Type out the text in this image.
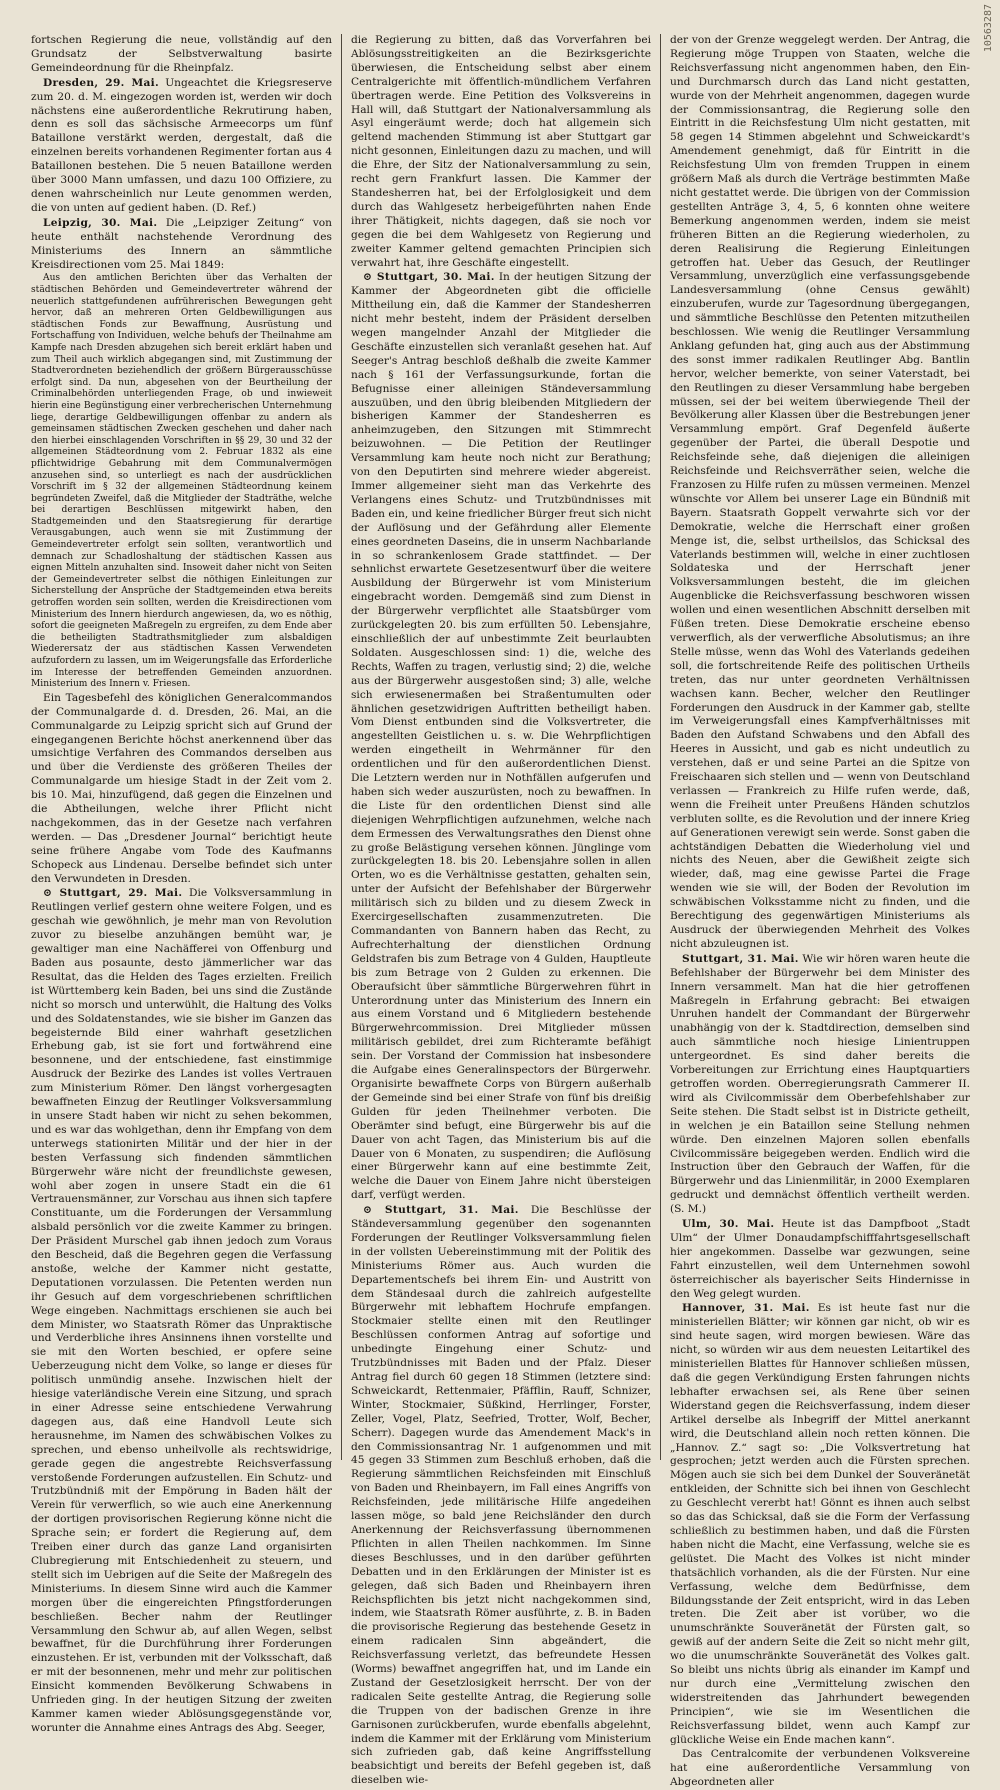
10563287

fortschen Regierung die neue, vollständig auf den Grundsatz der Selbstverwaltung basirte Gemeindeordnung für die Rheinpfalz.

Dresden, 29. Mai. Ungeachtet die Kriegsreserve zum 20. d. M. eingezogen worden ist, werden wir doch nächstens eine außerordentliche Rekrutirung haben, denn es soll das sächsische Armeecorps um fünf Bataillone verstärkt werden, dergestalt, daß die einzelnen bereits vorhandenen Regimenter fortan aus 4 Bataillonen bestehen. Die 5 neuen Bataillone werden über 3000 Mann umfassen, und dazu 100 Offiziere, zu denen wahrscheinlich nur Leute genommen werden, die von unten auf gedient haben. (D. Ref.)

Leipzig, 30. Mai. Die „Leipziger Zeitung“ von heute enthält nachstehende Verordnung des Ministeriums des Innern an sämmtliche Kreisdirectionen vom 25. Mai 1849:

Aus den amtlichen Berichten über das Verhalten der städtischen Behörden und Gemeindevertreter während der neuerlich stattgefundenen aufrührerischen Bewegungen geht hervor, daß an mehreren Orten Geldbewilligungen aus städtischen Fonds zur Bewaffnung, Ausrüstung und Fortschaffung von Individuen, welche behufs der Theilnahme am Kampfe nach Dresden abzugehen sich bereit erklärt haben und zum Theil auch wirklich abgegangen sind, mit Zustimmung der Stadtverordneten beziehendlich der größern Bürgerausschüsse erfolgt sind. Da nun, abgesehen von der Beurtheilung der Criminalbehörden unterliegenden Frage, ob und inwieweit hierin eine Begünstigung einer verbrecherischen Unternehmung liege, derartige Geldbewilligungen offenbar zu andern als gemeinsamen städtischen Zwecken geschehen und daher nach den hierbei einschlagenden Vorschriften in §§ 29, 30 und 32 der allgemeinen Städteordnung vom 2. Februar 1832 als eine pflichtwidrige Gebahrung mit dem Communalvermögen anzusehen sind, so unterliegt es nach der ausdrücklichen Vorschrift im § 32 der allgemeinen Städteordnung keinem begründeten Zweifel, daß die Mitglieder der Stadträthe, welche bei derartigen Beschlüssen mitgewirkt haben, den Stadtgemeinden und den Staatsregierung für derartige Verausgabungen, auch wenn sie mit Zustimmung der Gemeindevertreter erfolgt sein sollten, verantwortlich und demnach zur Schadloshaltung der städtischen Kassen aus eignen Mitteln anzuhalten sind. Insoweit daher nicht von Seiten der Gemeindevertreter selbst die nöthigen Einleitungen zur Sicherstellung der Ansprüche der Stadtgemeinden etwa bereits getroffen worden sein sollten, werden die Kreisdirectionen vom Ministerium des Innern hierdurch angewiesen, da, wo es nöthig, sofort die geeigneten Maßregeln zu ergreifen, zu dem Ende aber die betheiligten Stadtrathsmitglieder zum alsbaldigen Wiederersatz der aus städtischen Kassen Verwendeten aufzufordern zu lassen, um im Weigerungsfalle das Erforderliche im Interesse der betreffenden Gemeinden anzuordnen. Ministerium des Innern v. Friesen.

Ein Tagesbefehl des königlichen Generalcommandos der Communalgarde d. d. Dresden, 26. Mai, an die Communalgarde zu Leipzig spricht sich auf Grund der eingegangenen Berichte höchst anerkennend über das umsichtige Verfahren des Commandos derselben aus und über die Verdienste des größeren Theiles der Communalgarde um hiesige Stadt in der Zeit vom 2. bis 10. Mai, hinzufügend, daß gegen die Einzelnen und die Abtheilungen, welche ihrer Pflicht nicht nachgekommen, das in der Gesetze nach verfahren werden. — Das „Dresdener Journal“ berichtigt heute seine frühere Angabe vom Tode des Kaufmanns Schopeck aus Lindenau. Derselbe befindet sich unter den Verwundeten in Dresden.

⊙ Stuttgart, 29. Mai. Die Volksversammlung in Reutlingen verlief gestern ohne weitere Folgen, und es geschah wie gewöhnlich, je mehr man von Revolution zuvor zu bieselbe anzuhängen bemüht war, je gewaltiger man eine Nachäfferei von Offenburg und Baden aus posaunte, desto jämmerlicher war das Resultat, das die Helden des Tages erzielten. Freilich ist Württemberg kein Baden, bei uns sind die Zustände nicht so morsch und unterwühlt, die Haltung des Volks und des Soldatenstandes, wie sie bisher im Ganzen das begeisternde Bild einer wahrhaft gesetzlichen Erhebung gab, ist sie fort und fortwährend eine besonnene, und der entschiedene, fast einstimmige Ausdruck der Bezirke des Landes ist volles Vertrauen zum Ministerium Römer. Den längst vorhergesagten bewaffneten Einzug der Reutlinger Volksversammlung in unsere Stadt haben wir nicht zu sehen bekommen, und es war das wohlgethan, denn ihr Empfang von dem unterwegs stationirten Militär und der hier in der besten Verfassung sich findenden sämmtlichen Bürgerwehr wäre nicht der freundlichste gewesen, wohl aber zogen in unsere Stadt ein die 61 Vertrauensmänner, zur Vorschau aus ihnen sich tapfere Constituante, um die Forderungen der Versammlung alsbald persönlich vor die zweite Kammer zu bringen. Der Präsident Murschel gab ihnen jedoch zum Voraus den Bescheid, daß die Begehren gegen die Verfassung anstoße, welche der Kammer nicht gestatte, Deputationen vorzulassen. Die Petenten werden nun ihr Gesuch auf dem vorgeschriebenen schriftlichen Wege eingeben. Nachmittags erschienen sie auch bei dem Minister, wo Staatsrath Römer das Unpraktische und Verderbliche ihres Ansinnens ihnen vorstellte und sie mit den Worten beschied, er opfere seine Ueberzeugung nicht dem Volke, so lange er dieses für politisch unmündig ansehe. Inzwischen hielt der hiesige vaterländische Verein eine Sitzung, und sprach in einer Adresse seine entschiedene Verwahrung dagegen aus, daß eine Handvoll Leute sich herausnehme, im Namen des schwäbischen Volkes zu sprechen, und ebenso unheilvolle als rechtswidrige, gerade gegen die angestrebte Reichsverfassung verstoßende Forderungen aufzustellen. Ein Schutz- und Trutzbündniß mit der Empörung in Baden hält der Verein für verwerflich, so wie auch eine Anerkennung der dortigen provisorischen Regierung könne nicht die Sprache sein; er fordert die Regierung auf, dem Treiben einer durch das ganze Land organisirten Clubregierung mit Entschiedenheit zu steuern, und stellt sich im Uebrigen auf die Seite der Maßregeln des Ministeriums. In diesem Sinne wird auch die Kammer morgen über die eingereichten Pfingstforderungen beschließen. Becher nahm der Reutlinger Versammlung den Schwur ab, auf allen Wegen, selbst bewaffnet, für die Durchführung ihrer Forderungen einzustehen. Er ist, verbunden mit der Volksschaft, daß er mit der besonnenen, mehr und mehr zur politischen Einsicht kommenden Bevölkerung Schwabens in Unfrieden ging. In der heutigen Sitzung der zweiten Kammer kamen wieder Ablösungsgegenstände vor, worunter die Annahme eines Antrags des Abg. Seeger,

die Regierung zu bitten, daß das Vorverfahren bei Ablösungsstreitigkeiten an die Bezirksgerichte überwiesen, die Entscheidung selbst aber einem Centralgerichte mit öffentlich-mündlichem Verfahren übertragen werde. Eine Petition des Volksvereins in Hall will, daß Stuttgart der Nationalversammlung als Asyl eingeräumt werde; doch hat allgemein sich geltend machenden Stimmung ist aber Stuttgart gar nicht gesonnen, Einleitungen dazu zu machen, und will die Ehre, der Sitz der Nationalversammlung zu sein, recht gern Frankfurt lassen. Die Kammer der Standesherren hat, bei der Erfolglosigkeit und dem durch das Wahlgesetz herbeigeführten nahen Ende ihrer Thätigkeit, nichts dagegen, daß sie noch vor gegen die bei dem Wahlgesetz von Regierung und zweiter Kammer geltend gemachten Principien sich verwahrt hat, ihre Geschäfte eingestellt.

⊙ Stuttgart, 30. Mai. In der heutigen Sitzung der Kammer der Abgeordneten gibt die officielle Mittheilung ein, daß die Kammer der Standesherren nicht mehr besteht, indem der Präsident derselben wegen mangelnder Anzahl der Mitglieder die Geschäfte einzustellen sich veranlaßt gesehen hat. Auf Seeger's Antrag beschloß deßhalb die zweite Kammer nach § 161 der Verfassungsurkunde, fortan die Befugnisse einer alleinigen Ständeversammlung auszuüben, und den übrig bleibenden Mitgliedern der bisherigen Kammer der Standesherren es anheimzugeben, den Sitzungen mit Stimmrecht beizuwohnen. — Die Petition der Reutlinger Versammlung kam heute noch nicht zur Berathung; von den Deputirten sind mehrere wieder abgereist. Immer allgemeiner sieht man das Verkehrte des Verlangens eines Schutz- und Trutzbündnisses mit Baden ein, und keine friedlicher Bürger freut sich nicht der Auflösung und der Gefährdung aller Elemente eines geordneten Daseins, die in unserm Nachbarlande in so schrankenlosem Grade stattfindet. — Der sehnlichst erwartete Gesetzesentwurf über die weitere Ausbildung der Bürgerwehr ist vom Ministerium eingebracht worden. Demgemäß sind zum Dienst in der Bürgerwehr verpflichtet alle Staatsbürger vom zurückgelegten 20. bis zum erfüllten 50. Lebensjahre, einschließlich der auf unbestimmte Zeit beurlaubten Soldaten. Ausgeschlossen sind: 1) die, welche des Rechts, Waffen zu tragen, verlustig sind; 2) die, welche aus der Bürgerwehr ausgestoßen sind; 3) alle, welche sich erwiesenermaßen bei Straßentumulten oder ähnlichen gesetzwidrigen Auftritten betheiligt haben. Vom Dienst entbunden sind die Volksvertreter, die angestellten Geistlichen u. s. w. Die Wehrpflichtigen werden eingetheilt in Wehrmänner für den ordentlichen und für den außerordentlichen Dienst. Die Letztern werden nur in Nothfällen aufgerufen und haben sich weder auszurüsten, noch zu bewaffnen. In die Liste für den ordentlichen Dienst sind alle diejenigen Wehrpflichtigen aufzunehmen, welche nach dem Ermessen des Verwaltungsrathes den Dienst ohne zu große Belästigung versehen können. Jünglinge vom zurückgelegten 18. bis 20. Lebensjahre sollen in allen Orten, wo es die Verhältnisse gestatten, gehalten sein, unter der Aufsicht der Befehlshaber der Bürgerwehr militärisch sich zu bilden und zu diesem Zweck in Exercirgesellschaften zusammenzutreten. Die Commandanten von Bannern haben das Recht, zu Aufrechterhaltung der dienstlichen Ordnung Geldstrafen bis zum Betrage von 4 Gulden, Hauptleute bis zum Betrage von 2 Gulden zu erkennen. Die Oberaufsicht über sämmtliche Bürgerwehren führt in Unterordnung unter das Ministerium des Innern ein aus einem Vorstand und 6 Mitgliedern bestehende Bürgerwehrcommission. Drei Mitglieder müssen militärisch gebildet, drei zum Richteramte befähigt sein. Der Vorstand der Commission hat insbesondere die Aufgabe eines Generalinspectors der Bürgerwehr. Organisirte bewaffnete Corps von Bürgern außerhalb der Gemeinde sind bei einer Strafe von fünf bis dreißig Gulden für jeden Theilnehmer verboten. Die Oberämter sind befugt, eine Bürgerwehr bis auf die Dauer von acht Tagen, das Ministerium bis auf die Dauer von 6 Monaten, zu suspendiren; die Auflösung einer Bürgerwehr kann auf eine bestimmte Zeit, welche die Dauer von Einem Jahre nicht übersteigen darf, verfügt werden.

⊙ Stuttgart, 31. Mai. Die Beschlüsse der Ständeversammlung gegenüber den sogenannten Forderungen der Reutlinger Volksversammlung fielen in der vollsten Uebereinstimmung mit der Politik des Ministeriums Römer aus. Auch wurden die Departementschefs bei ihrem Ein- und Austritt von dem Ständesaal durch die zahlreich aufgestellte Bürgerwehr mit lebhaftem Hochrufe empfangen. Stockmaier stellte einen mit den Reutlinger Beschlüssen conformen Antrag auf sofortige und unbedingte Eingehung einer Schutz- und Trutzbündnisses mit Baden und der Pfalz. Dieser Antrag fiel durch 60 gegen 18 Stimmen (letztere sind: Schweickardt, Rettenmaier, Pfäfflin, Rauff, Schnizer, Winter, Stockmaier, Süßkind, Herrlinger, Forster, Zeller, Vogel, Platz, Seefried, Trotter, Wolf, Becher, Scherr). Dagegen wurde das Amendement Mack's in den Commissionsantrag Nr. 1 aufgenommen und mit 45 gegen 33 Stimmen zum Beschluß erhoben, daß die Regierung sämmtlichen Reichsfeinden mit Einschluß von Baden und Rheinbayern, im Fall eines Angriffs von Reichsfeinden, jede militärische Hilfe angedeihen lassen möge, so bald jene Reichsländer den durch Anerkennung der Reichsverfassung übernommenen Pflichten in allen Theilen nachkommen. Im Sinne dieses Beschlusses, und in den darüber geführten Debatten und in den Erklärungen der Minister ist es gelegen, daß sich Baden und Rheinbayern ihren Reichspflichten bis jetzt nicht nachgekommen sind, indem, wie Staatsrath Römer ausführte, z. B. in Baden die provisorische Regierung das bestehende Gesetz in einem radicalen Sinn abgeändert, die Reichsverfassung verletzt, das befreundete Hessen (Worms) bewaffnet angegriffen hat, und im Lande ein Zustand der Gesetzlosigkeit herrscht. Der von der radicalen Seite gestellte Antrag, die Regierung solle die Truppen von der badischen Grenze in ihre Garnisonen zurückberufen, wurde ebenfalls abgelehnt, indem die Kammer mit der Erklärung vom Ministerium sich zufrieden gab, daß keine Angriffsstellung beabsichtigt und bereits der Befehl gegeben ist, daß dieselben wie-

der von der Grenze weggelegt werden. Der Antrag, die Regierung möge Truppen von Staaten, welche die Reichsverfassung nicht angenommen haben, den Ein- und Durchmarsch durch das Land nicht gestatten, wurde von der Mehrheit angenommen, dagegen wurde der Commissionsantrag, die Regierung solle den Eintritt in die Reichsfestung Ulm nicht gestatten, mit 58 gegen 14 Stimmen abgelehnt und Schweickardt's Amendement genehmigt, daß für Eintritt in die Reichsfestung Ulm von fremden Truppen in einem größern Maß als durch die Verträge bestimmten Maße nicht gestattet werde. Die übrigen von der Commission gestellten Anträge 3, 4, 5, 6 konnten ohne weitere Bemerkung angenommen werden, indem sie meist früheren Bitten an die Regierung wiederholen, zu deren Realisirung die Regierung Einleitungen getroffen hat. Ueber das Gesuch, der Reutlinger Versammlung, unverzüglich eine verfassungsgebende Landesversammlung (ohne Census gewählt) einzuberufen, wurde zur Tagesordnung übergegangen, und sämmtliche Beschlüsse den Petenten mitzutheilen beschlossen. Wie wenig die Reutlinger Versammlung Anklang gefunden hat, ging auch aus der Abstimmung des sonst immer radikalen Reutlinger Abg. Bantlin hervor, welcher bemerkte, von seiner Vaterstadt, bei den Reutlingen zu dieser Versammlung habe bergeben müssen, sei der bei weitem überwiegende Theil der Bevölkerung aller Klassen über die Bestrebungen jener Versammlung empört. Graf Degenfeld äußerte gegenüber der Partei, die überall Despotie und Reichsfeinde sehe, daß diejenigen die alleinigen Reichsfeinde und Reichsverräther seien, welche die Franzosen zu Hilfe rufen zu müssen vermeinen. Menzel wünschte vor Allem bei unserer Lage ein Bündniß mit Bayern. Staatsrath Goppelt verwahrte sich vor der Demokratie, welche die Herrschaft einer großen Menge ist, die, selbst urtheilslos, das Schicksal des Vaterlands bestimmen will, welche in einer zuchtlosen Soldateska und der Herrschaft jener Volksversammlungen besteht, die im gleichen Augenblicke die Reichsverfassung beschworen wissen wollen und einen wesentlichen Abschnitt derselben mit Füßen treten. Diese Demokratie erscheine ebenso verwerflich, als der verwerfliche Absolutismus; an ihre Stelle müsse, wenn das Wohl des Vaterlands gedeihen soll, die fortschreitende Reife des politischen Urtheils treten, das nur unter geordneten Verhältnissen wachsen kann. Becher, welcher den Reutlinger Forderungen den Ausdruck in der Kammer gab, stellte im Verweigerungsfall eines Kampfverhältnisses mit Baden den Aufstand Schwabens und den Abfall des Heeres in Aussicht, und gab es nicht undeutlich zu verstehen, daß er und seine Partei an die Spitze von Freischaaren sich stellen und — wenn von Deutschland verlassen — Frankreich zu Hilfe rufen werde, daß, wenn die Freiheit unter Preußens Händen schutzlos verbluten sollte, es die Revolution und der innere Krieg auf Generationen verewigt sein werde. Sonst gaben die achtständigen Debatten die Wiederholung viel und nichts des Neuen, aber die Gewißheit zeigte sich wieder, daß, mag eine gewisse Partei die Frage wenden wie sie will, der Boden der Revolution im schwäbischen Volksstamme nicht zu finden, und die Berechtigung des gegenwärtigen Ministeriums als Ausdruck der überwiegenden Mehrheit des Volkes nicht abzuleugnen ist.

Stuttgart, 31. Mai. Wie wir hören waren heute die Befehlshaber der Bürgerwehr bei dem Minister des Innern versammelt. Man hat die hier getroffenen Maßregeln in Erfahrung gebracht: Bei etwaigen Unruhen handelt der Commandant der Bürgerwehr unabhängig von der k. Stadtdirection, demselben sind auch sämmtliche noch hiesige Linientruppen untergeordnet. Es sind daher bereits die Vorbereitungen zur Errichtung eines Hauptquartiers getroffen worden. Oberregierungsrath Cammerer II. wird als Civilcommissär dem Oberbefehlshaber zur Seite stehen. Die Stadt selbst ist in Districte getheilt, in welchen je ein Bataillon seine Stellung nehmen würde. Den einzelnen Majoren sollen ebenfalls Civilcommissäre beigegeben werden. Endlich wird die Instruction über den Gebrauch der Waffen, für die Bürgerwehr und das Linienmilitär, in 2000 Exemplaren gedruckt und demnächst öffentlich vertheilt werden. (S. M.)

Ulm, 30. Mai. Heute ist das Dampfboot „Stadt Ulm“ der Ulmer Donaudampfschifffahrtsgesellschaft hier angekommen. Dasselbe war gezwungen, seine Fahrt einzustellen, weil dem Unternehmen sowohl österreichischer als bayerischer Seits Hindernisse in den Weg gelegt wurden.

Hannover, 31. Mai. Es ist heute fast nur die ministeriellen Blätter; wir können gar nicht, ob wir es sind heute sagen, wird morgen bewiesen. Wäre das nicht, so würden wir aus dem neuesten Leitartikel des ministeriellen Blattes für Hannover schließen müssen, daß die gegen Verkündigung Ersten fahrungen nichts lebhafter erwachsen sei, als Rene über seinen Widerstand gegen die Reichsverfassung, indem dieser Artikel derselbe als Inbegriff der Mittel anerkannt wird, die Deutschland allein noch retten können. Die „Hannov. Z.“ sagt so: „Die Volksvertretung hat gesprochen; jetzt werden auch die Fürsten sprechen. Mögen auch sie sich bei dem Dunkel der Souveränetät entkleiden, der Schnitte sich bei ihnen von Geschlecht zu Geschlecht vererbt hat! Gönnt es ihnen auch selbst so das das Schicksal, daß sie die Form der Verfassung schließlich zu bestimmen haben, und daß die Fürsten haben nicht die Macht, eine Verfassung, welche sie es gelüstet. Die Macht des Volkes ist nicht minder thatsächlich vorhanden, als die der Fürsten. Nur eine Verfassung, welche dem Bedürfnisse, dem Bildungsstande der Zeit entspricht, wird in das Leben treten. Die Zeit aber ist vorüber, wo die unumschränkte Souveränetät der Fürsten galt, so gewiß auf der andern Seite die Zeit so nicht mehr gilt, wo die unumschränkte Souveränetät des Volkes galt. So bleibt uns nichts übrig als einander im Kampf und nur durch eine „Vermittelung zwischen den widerstreitenden das Jahrhundert bewegenden Principien“, wie sie im Wesentlichen die Reichsverfassung bildet, wenn auch Kampf zur glückliche Weise ein Ende machen kann“.

Das Centralcomite der verbundenen Volksvereine hat eine außerordentliche Versammlung von Abgeordneten aller
